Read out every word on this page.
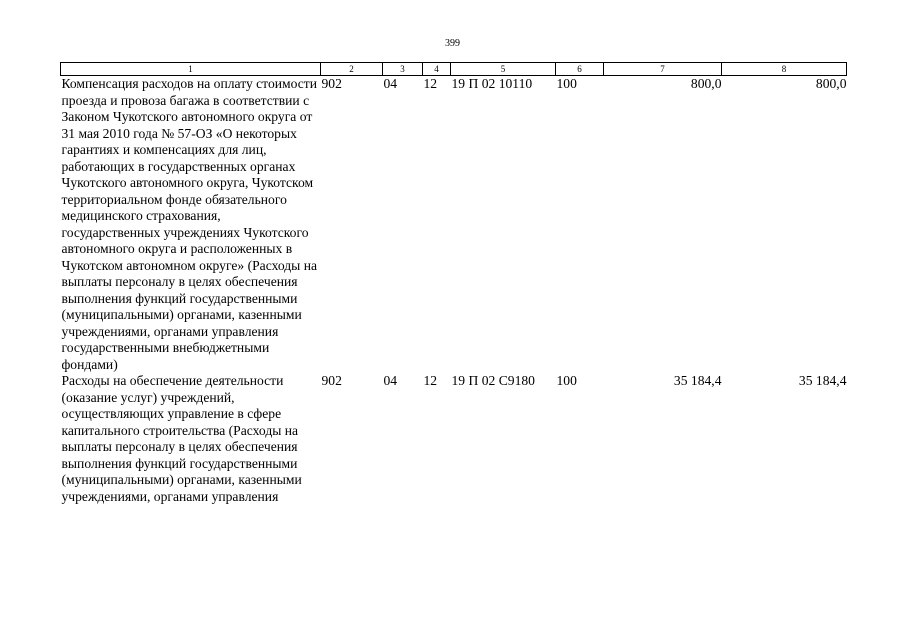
399
1	2	3	4	5	6	7	8
Компенсация расходов на оплату стоимости проезда и провоза багажа в соответствии с Законом Чукотского автономного округа от 31 мая 2010 года № 57-ОЗ «О некоторых гарантиях и компенсациях для лиц, работающих в государственных органах Чукотского автономного округа, Чукотском территориальном фонде обязательного медицинского страхования, государственных учреждениях Чукотского автономного округа и расположенных в Чукотском автономном округе» (Расходы на выплаты персоналу в целях обеспечения выполнения функций государственными (муниципальными) органами, казенными учреждениями, органами управления государственными внебюджетными фондами)	902	04	12	19 П 02 10110	100	800,0	800,0
Расходы на обеспечение деятельности (оказание услуг) учреждений, осуществляющих управление в сфере капитального строительства (Расходы на выплаты персоналу в целях обеспечения выполнения функций государственными (муниципальными) органами, казенными учреждениями, органами управления	902	04	12	19 П 02 С9180	100	35 184,4	35 184,4
